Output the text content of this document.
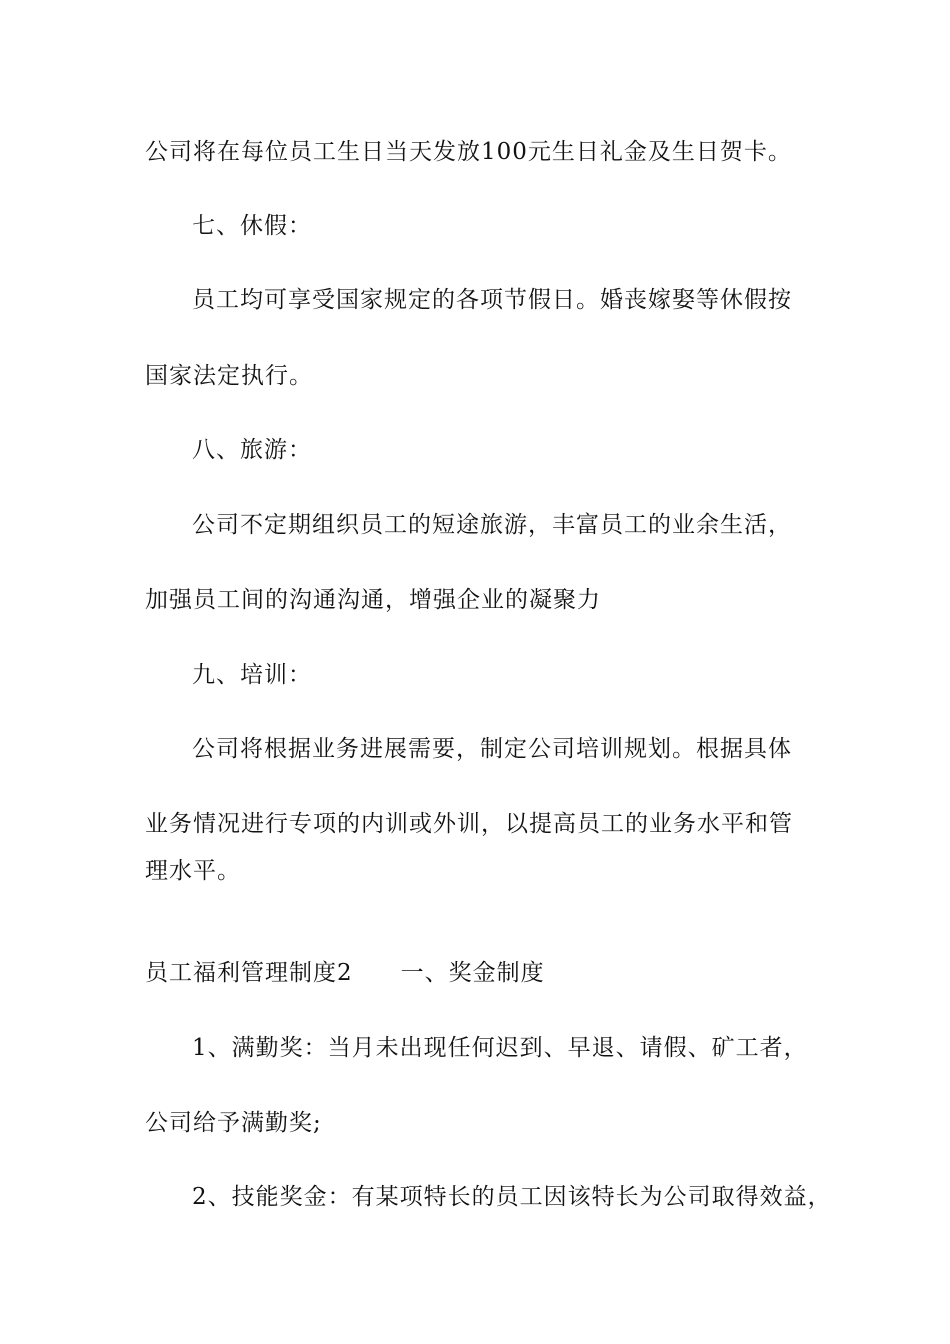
公司将在每位员工生日当天发放100元生日礼金及生日贺卡。
七、休假：
员工均可享受国家规定的各项节假日。婚丧嫁娶等休假按
国家法定执行。
八、旅游：
公司不定期组织员工的短途旅游，丰富员工的业余生活，
加强员工间的沟通沟通，增强企业的凝聚力
九、培训：
公司将根据业务进展需要，制定公司培训规划。根据具体
业务情况进行专项的内训或外训，以提高员工的业务水平和管
理水平。
员工福利管理制度2 一、奖金制度
1、满勤奖：当月未出现任何迟到、早退、请假、矿工者，
公司给予满勤奖;
2、技能奖金：有某项特长的员工因该特长为公司取得效益，
